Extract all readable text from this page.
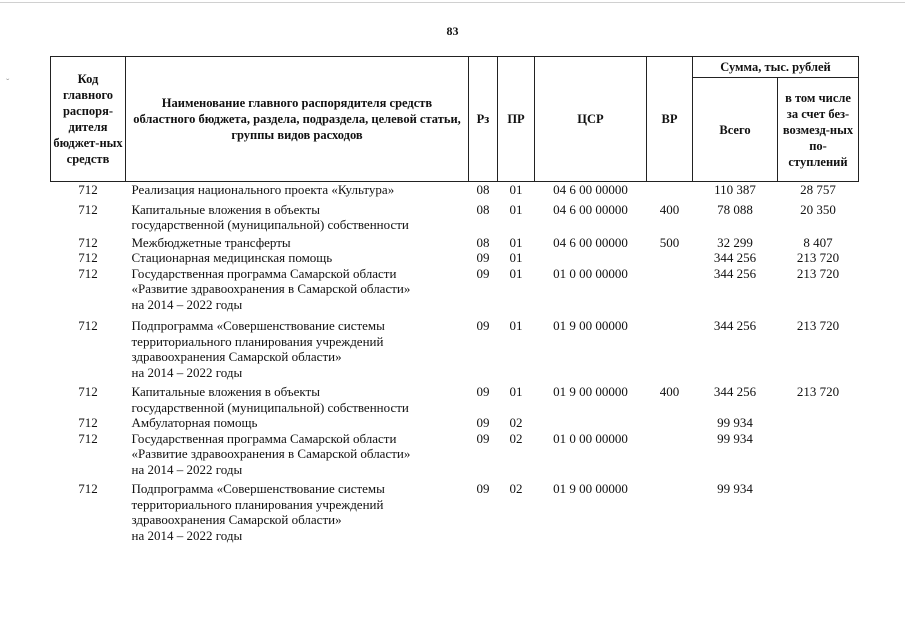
83
Код главного распоря-дителя бюджет-ных средств	Наименование главного распорядителя средств областного бюджета, раздела, подраздела, целевой статьи, группы видов расходов	Рз	ПР	ЦСР	ВР	Сумма, тыс. рублей	
						Всего	в том числе за счет без-возмезд-ных по-ступлений
712	Реализация национального проекта «Культура»	08	01	04 6 00 00000		110 387	28 757
712	Капитальные вложения в объекты
государственной (муниципальной) собственности	08	01	04 6 00 00000	400	78 088	20 350
712	Межбюджетные трансферты	08	01	04 6 00 00000	500	32 299	8 407
712	Стационарная медицинская помощь	09	01			344 256	213 720
712	Государственная программа Самарской области
«Развитие здравоохранения в Самарской области»
на 2014 – 2022 годы	09	01	01 0 00 00000		344 256	213 720
712	Подпрограмма «Совершенствование системы
территориального планирования учреждений
здравоохранения Самарской области»
на 2014 – 2022 годы	09	01	01 9 00 00000		344 256	213 720
712	Капитальные вложения в объекты
государственной (муниципальной) собственности	09	01	01 9 00 00000	400	344 256	213 720
712	Амбулаторная помощь	09	02			99 934	
712	Государственная программа Самарской области
«Развитие здравоохранения в Самарской области»
на 2014 – 2022 годы	09	02	01 0 00 00000		99 934	
712	Подпрограмма «Совершенствование системы
территориального планирования учреждений
здравоохранения Самарской области»
на 2014 – 2022 годы	09	02	01 9 00 00000		99 934	
ˇ
